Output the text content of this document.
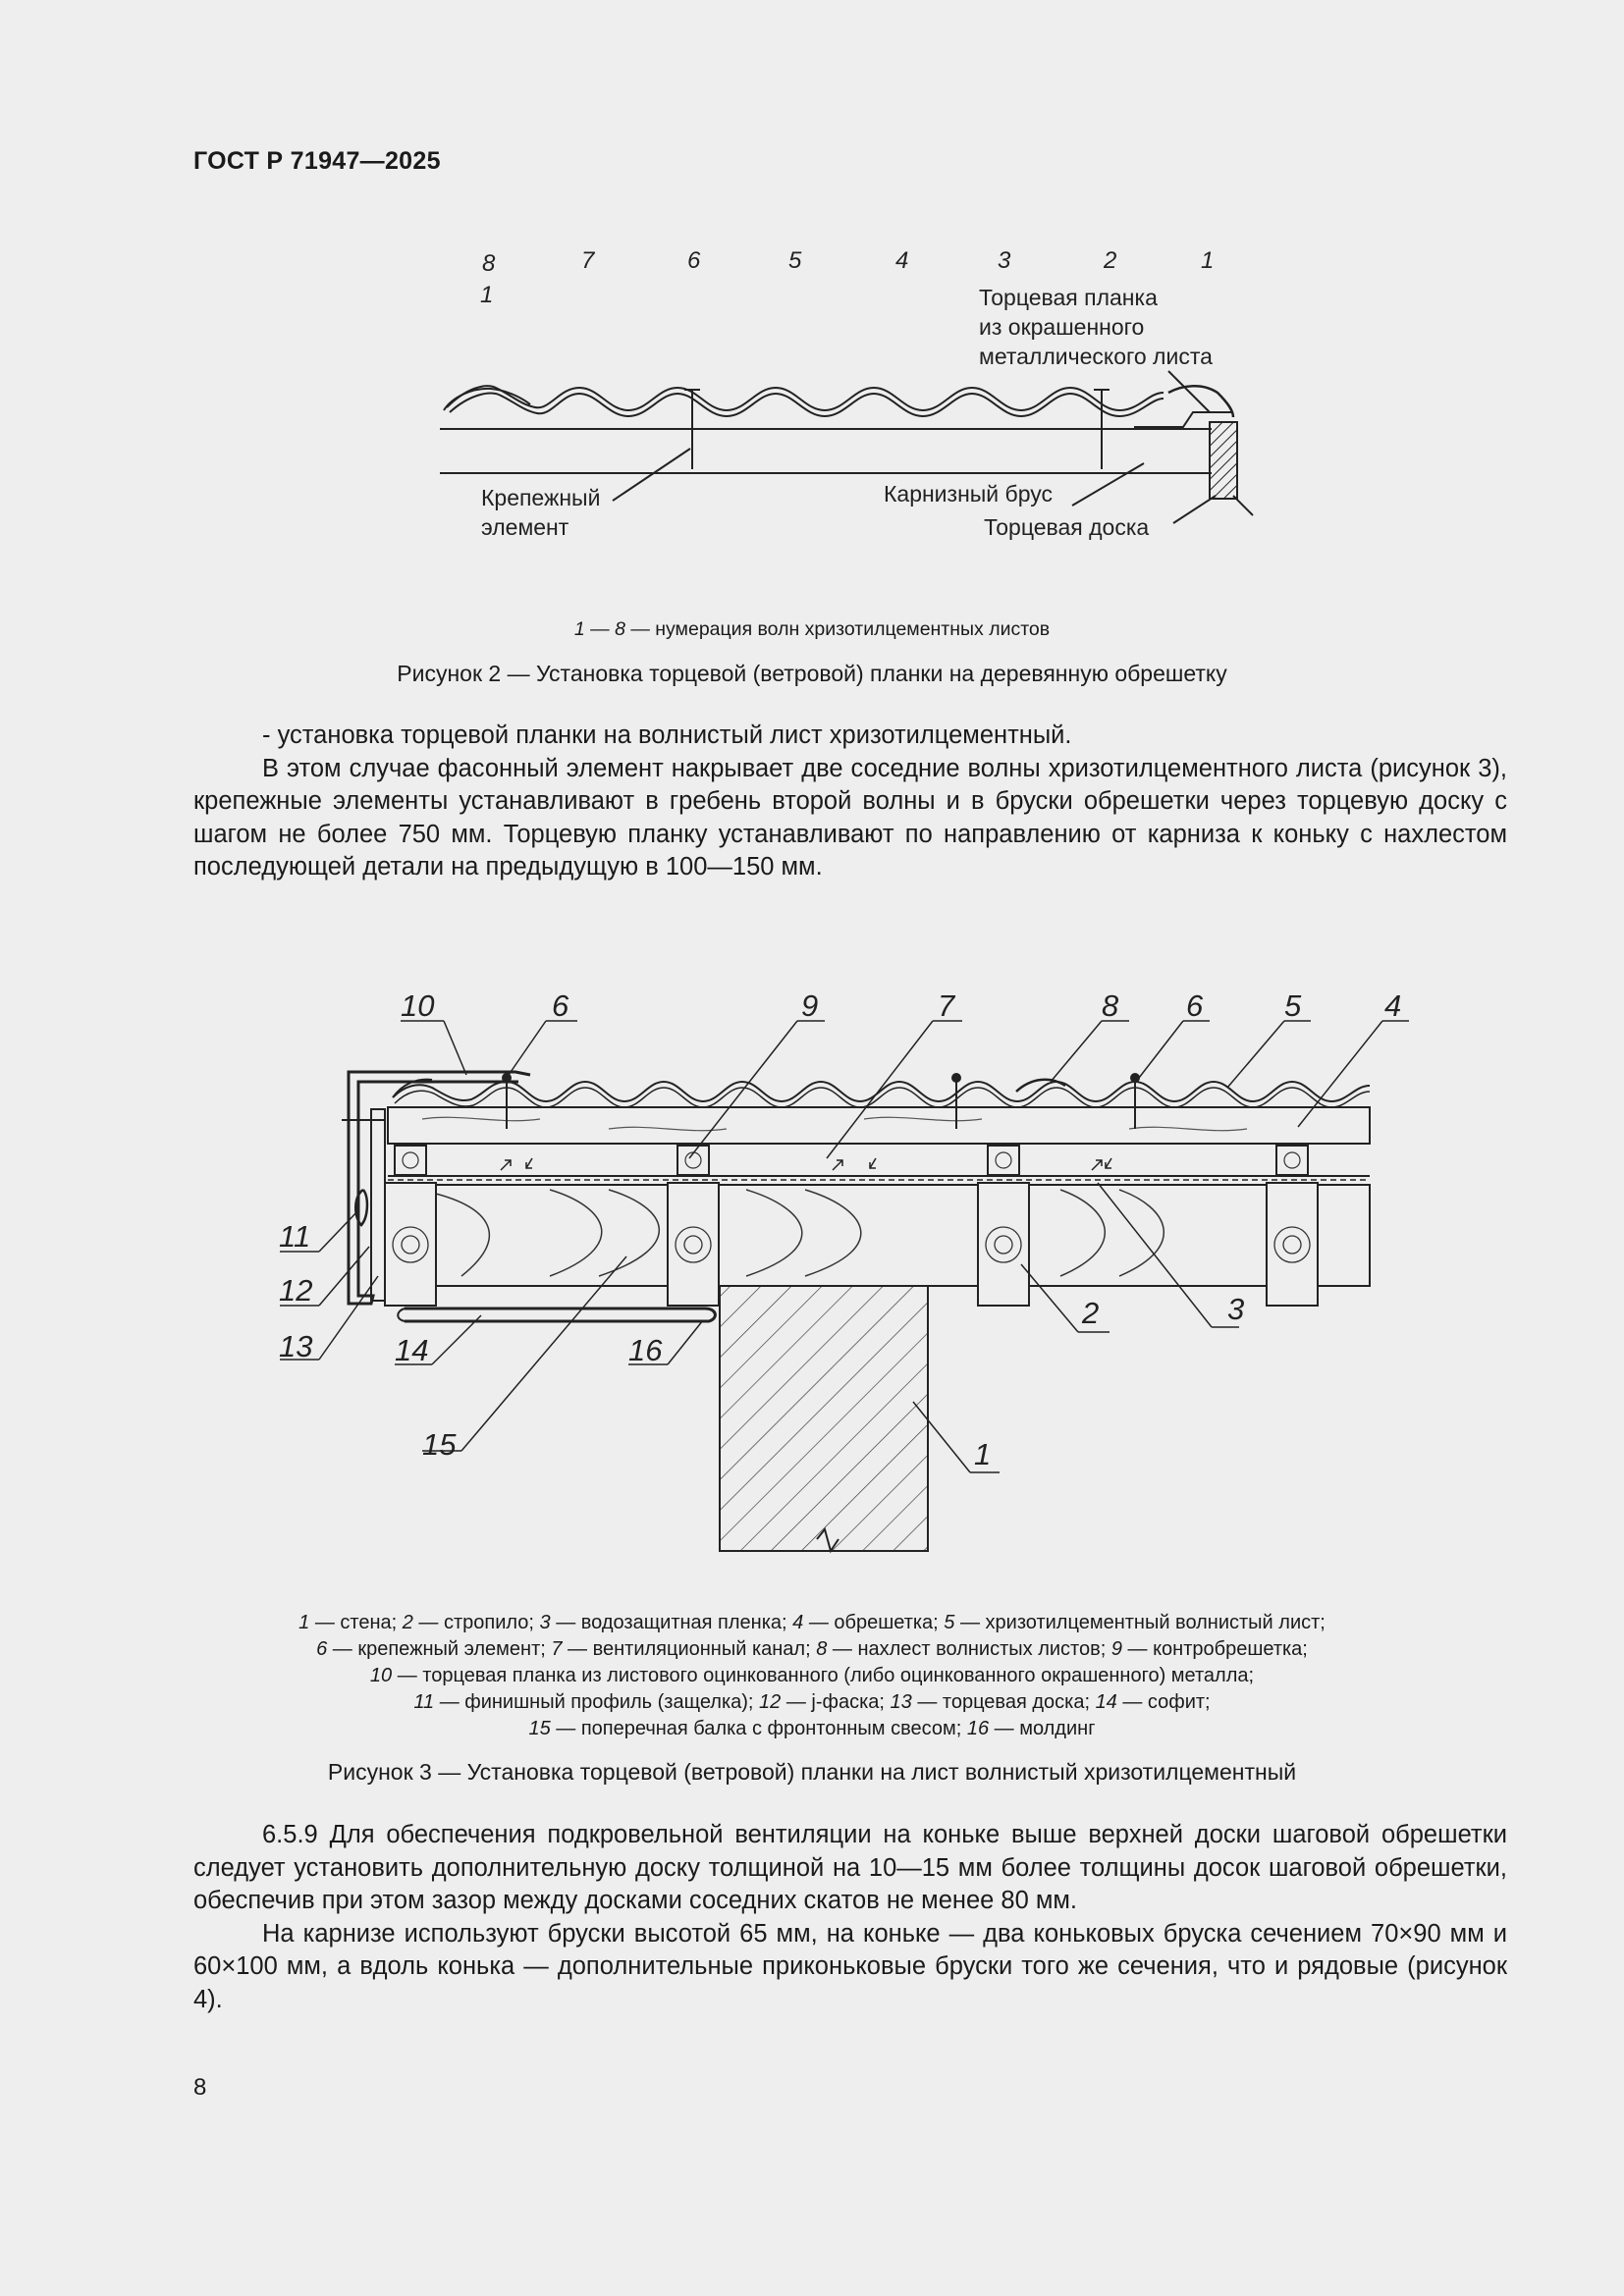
ГОСТ Р 71947—2025
8	7	6	5	4	3	2	1
1	Торцевая планка
из окрашенного
металлического листа
Крепежный
элемент
Карнизный брус
Торцевая доска
1 — 8 — нумерация волн хризотилцементных листов
Рисунок 2 — Установка торцевой (ветровой) планки на деревянную обрешетку

- установка торцевой планки на волнистый лист хризотилцементный.

В этом случае фасонный элемент накрывает две соседние волны хризотилцементного листа (рисунок 3), крепежные элементы устанавливают в гребень второй волны и в бруски обрешетки через торцевую доску с шагом не более 750 мм. Торцевую планку устанавливают по направлению от карниза к коньку с нахлестом последующей детали на предыдущую в 100—150 мм.

10	6	9	7	8 6	5	4
11
12
13	14	16
15
2	3
1
1 — стена; 2 — стропило; 3 — водозащитная пленка; 4 — обрешетка; 5 — хризотилцементный волнистый лист;
6 — крепежный элемент; 7 — вентиляционный канал; 8 — нахлест волнистых листов; 9 — контробрешетка;
10 — торцевая планка из листового оцинкованного (либо оцинкованного окрашенного) металла;
11 — финишный профиль (защелка); 12 — j-фаска; 13 — торцевая доска; 14 — софит;
15 — поперечная балка с фронтонным свесом; 16 — молдинг
Рисунок 3 — Установка торцевой (ветровой) планки на лист волнистый хризотилцементный

6.5.9 Для обеспечения подкровельной вентиляции на коньке выше верхней доски шаговой обрешетки следует установить дополнительную доску толщиной на 10—15 мм более толщины досок шаговой обрешетки, обеспечив при этом зазор между досками соседних скатов не менее 80 мм.

На карнизе используют бруски высотой 65 мм, на коньке — два коньковых бруска сечением 70×90 мм и 60×100 мм, а вдоль конька — дополнительные приконьковые бруски того же сечения, что и рядовые (рисунок 4).

8
